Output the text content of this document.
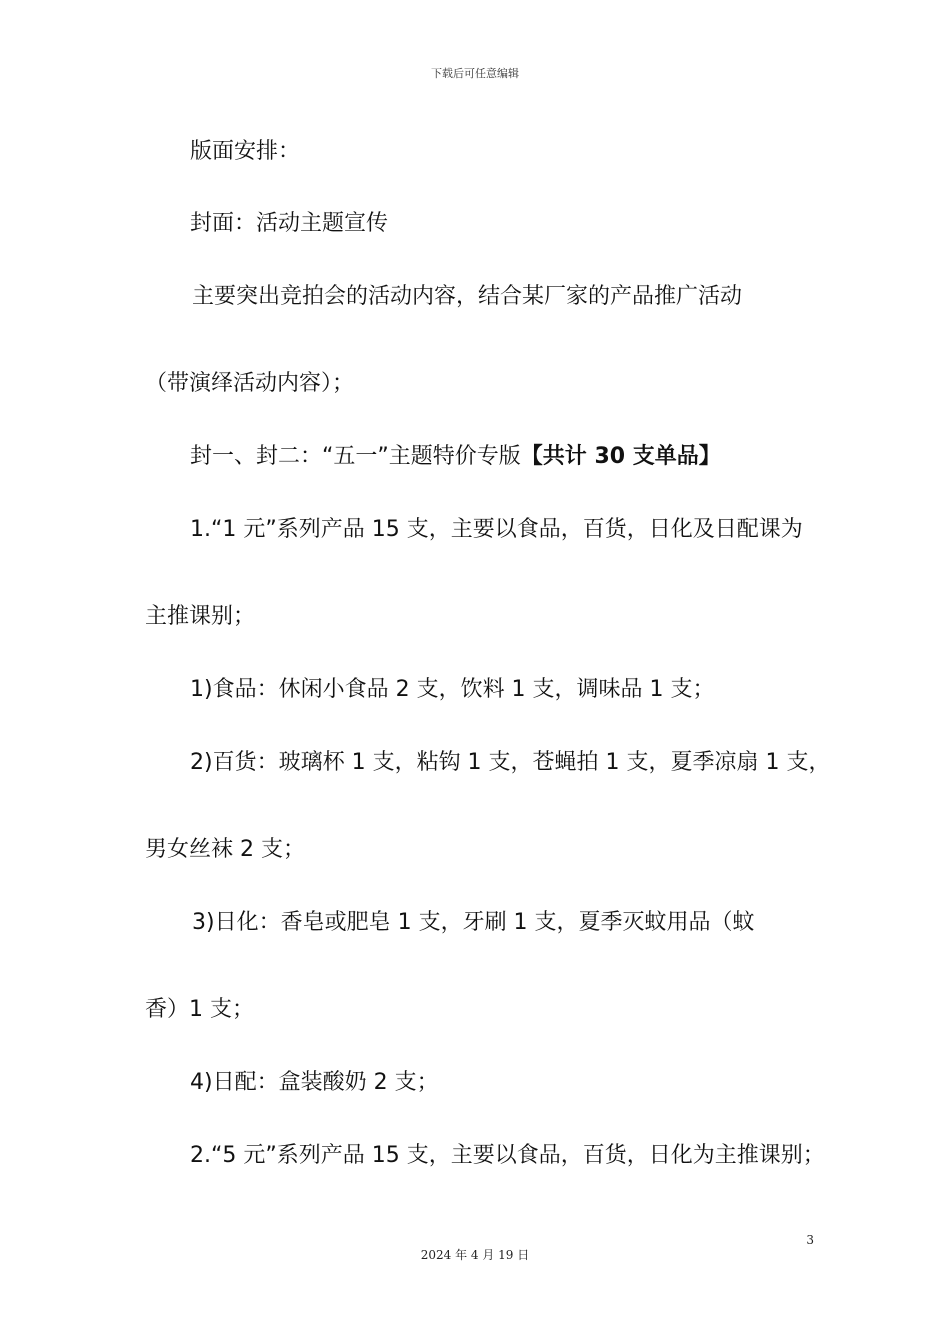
下载后可任意编辑
版面安排：
封面：活动主题宣传
主要突出竞拍会的活动内容，结合某厂家的产品推广活动
（带演绎活动内容）；
封一、封二：“五一”主题特价专版【共计 30 支单品】
1.“1 元”系列产品 15 支，主要以食品，百货，日化及日配课为
主推课别；
1)食品：休闲小食品 2 支，饮料 1 支，调味品 1 支；
2)百货：玻璃杯 1 支，粘钩 1 支，苍蝇拍 1 支，夏季凉扇 1 支，
男女丝袜 2 支；
3)日化：香皂或肥皂 1 支，牙刷 1 支，夏季灭蚊用品（蚊
香）1 支；
4)日配：盒装酸奶 2 支；
2.“5 元”系列产品 15 支，主要以食品，百货，日化为主推课别；
3
2024 年 4 月 19 日
